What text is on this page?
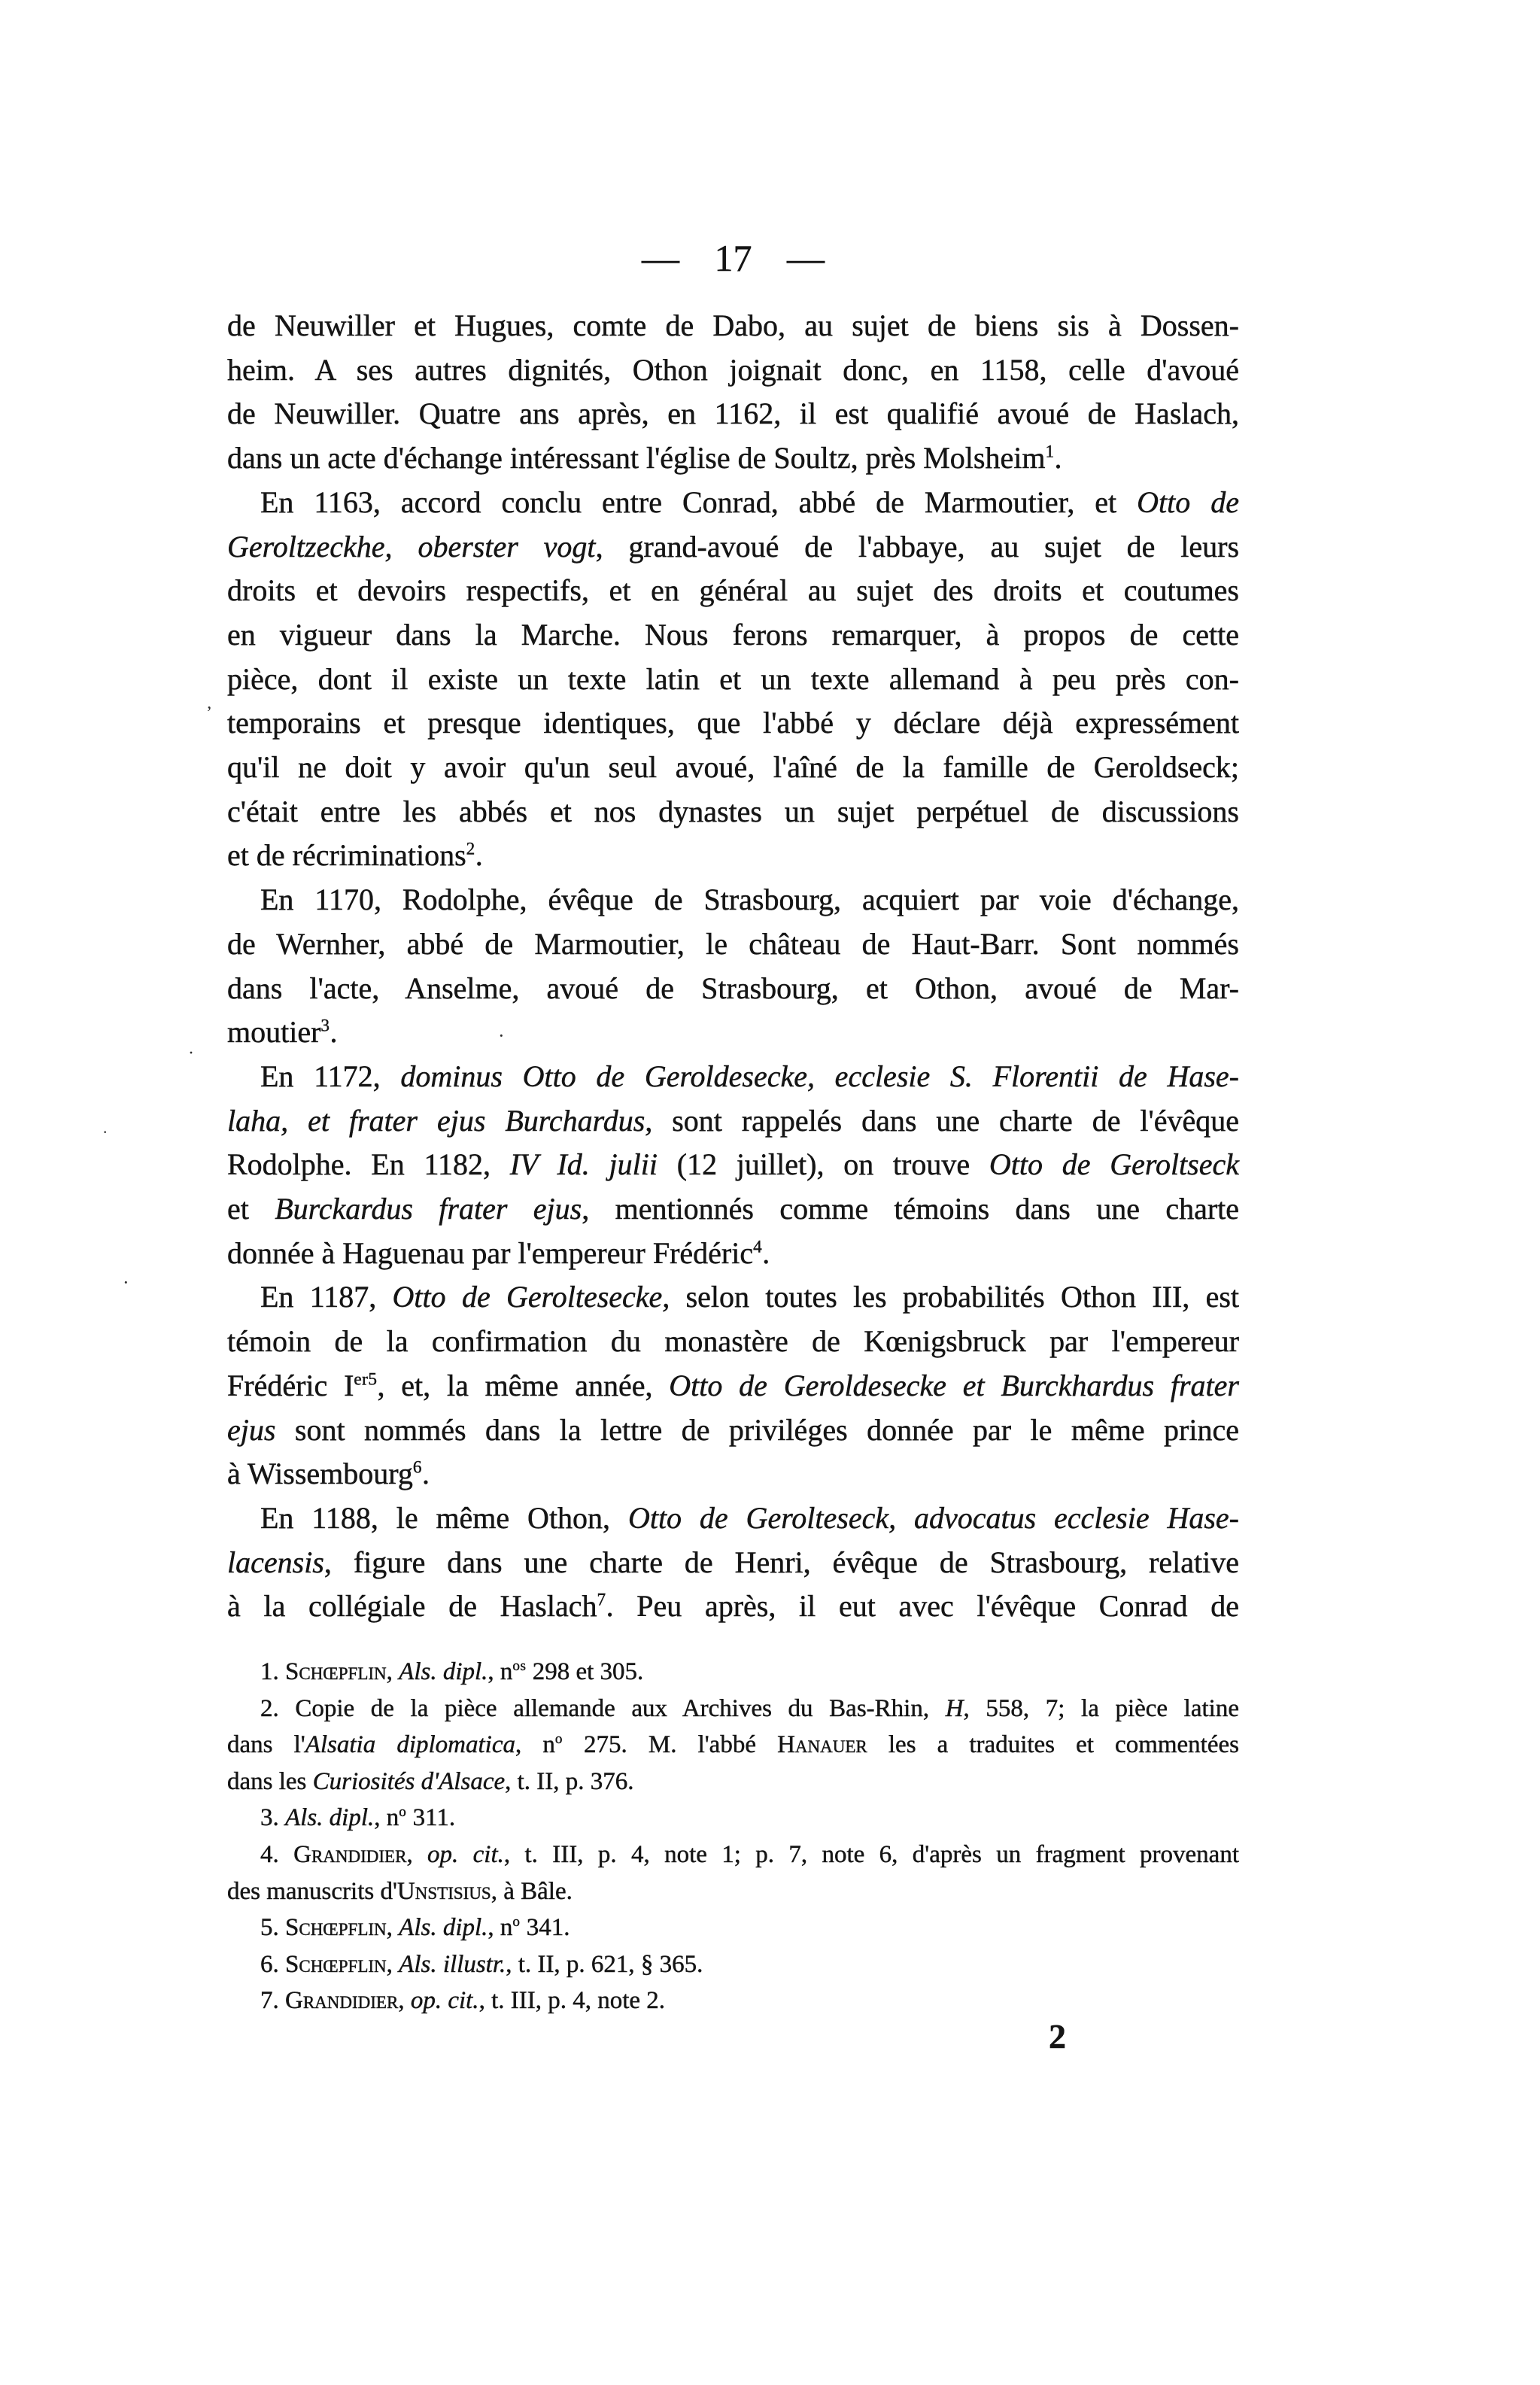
— 17 —
de Neuwiller et Hugues, comte de Dabo, au sujet de biens sis à Dossen-
heim. A ses autres dignités, Othon joignait donc, en 1158, celle d'avoué
de Neuwiller. Quatre ans après, en 1162, il est qualifié avoué de Haslach,
dans un acte d'échange intéressant l'église de Soultz, près Molsheim$^1$.
En 1163, accord conclu entre Conrad, abbé de Marmoutier, et Otto de
Geroltzeckhe, oberster vogt, grand-avoué de l'abbaye, au sujet de leurs
droits et devoirs respectifs, et en général au sujet des droits et coutumes
en vigueur dans la Marche. Nous ferons remarquer, à propos de cette
pièce, dont il existe un texte latin et un texte allemand à peu près con-
temporains et presque identiques, que l'abbé y déclare déjà expressément
qu'il ne doit y avoir qu'un seul avoué, l'aîné de la famille de Geroldseck;
c'était entre les abbés et nos dynastes un sujet perpétuel de discussions
et de récriminations$^2$.
En 1170, Rodolphe, évêque de Strasbourg, acquiert par voie d'échange,
de Wernher, abbé de Marmoutier, le château de Haut-Barr. Sont nommés
dans l'acte, Anselme, avoué de Strasbourg, et Othon, avoué de Mar-
moutier$^3$.
En 1172, dominus Otto de Geroldesecke, ecclesie S. Florentii de Hase-
laha, et frater ejus Burchardus, sont rappelés dans une charte de l'évêque
Rodolphe. En 1182, IV Id. julii (12 juillet), on trouve Otto de Geroltseck
et Burckardus frater ejus, mentionnés comme témoins dans une charte
donnée à Haguenau par l'empereur Frédéric$^4$.
En 1187, Otto de Geroltesecke, selon toutes les probabilités Othon III, est
témoin de la confirmation du monastère de Kœnigsbruck par l'empereur
Frédéric $I^{er5}$, et, la même année, Otto de Geroldesecke et Burckhardus frater
ejus sont nommés dans la lettre de priviléges donnée par le même prince
à Wissembourg$^6$.
En 1188, le même Othon, Otto de Gerolteseck, advocatus ecclesie Hase-
lacensis, figure dans une charte de Henri, évêque de Strasbourg, relative
à la collégiale de Haslach$^7$. Peu après, il eut avec l'évêque Conrad de
1. Schœpflin, Als. dipl., $n^{os}$ 298 et 305.
2. Copie de la pièce allemande aux Archives du Bas-Rhin, H, 558, 7; la pièce latine
dans l'Alsatia diplomatica, $n^o$ 275. M. l'abbé Hanauer les a traduites et commentées
dans les Curiosités d'Alsace, t. II, p. 376.
3. Als. dipl., $n^o$ 311.
4. Grandidier, op. cit., t. III, p. 4, note 1; p. 7, note 6, d'après un fragment provenant
des manuscrits d'Unstisius, à Bâle.
5. Schœpflin, Als. dipl., $n^o$ 341.
6. Schœpflin, Als. illustr., t. II, p. 621, § 365.
7. Grandidier, op. cit., t. III, p. 4, note 2.
2
’
·
·
·
·
